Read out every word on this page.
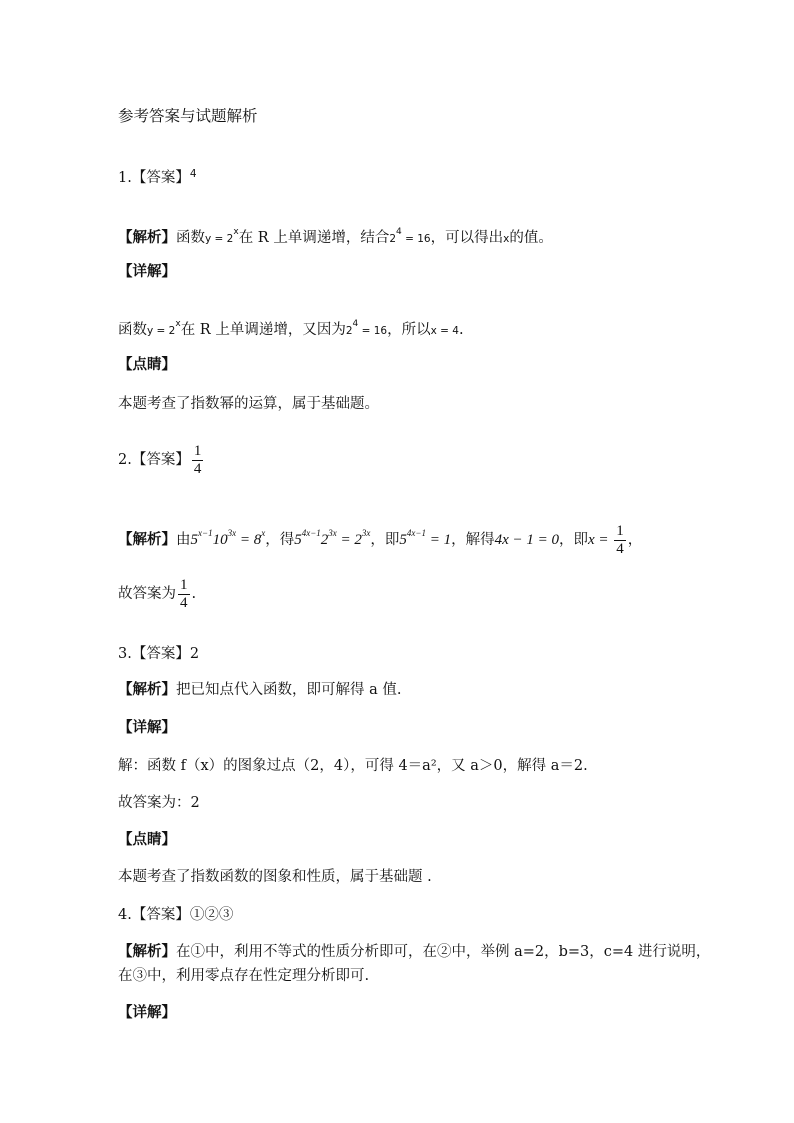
参考答案与试题解析
1.【答案】$^4$
【解析】函数$y = 2^x$在 R 上单调递增，结合$2^4 = 16$，可以得出x的值。
【详解】
函数$y = 2^x$在 R 上单调递增，又因为$2^4 = 16$，所以x = 4.
【点睛】
本题考查了指数幂的运算，属于基础题。
2.【答案】 $\frac{1}{4}$
【解析】由$5^{x-1}10^{3x} = 8^x$，得$5^{4x-1}2^{3x} = 2^{3x}$，即$5^{4x-1} = 1$，解得4x − 1 = 0，即$x = \frac{1}{4}$ ，
故答案为 $\frac{1}{4}$ .
3.【答案】2
【解析】把已知点代入函数，即可解得 a 值.
【详解】
解：函数 f（x）的图象过点（2，4），可得 4＝a²，又 a＞0，解得 a＝2.
故答案为：2
【点睛】
本题考查了指数函数的图象和性质，属于基础题 .
4.【答案】①②③
【解析】在①中，利用不等式的性质分析即可，在②中，举例 a=2，b=3，c=4 进行说明，
在③中，利用零点存在性定理分析即可.
【详解】
